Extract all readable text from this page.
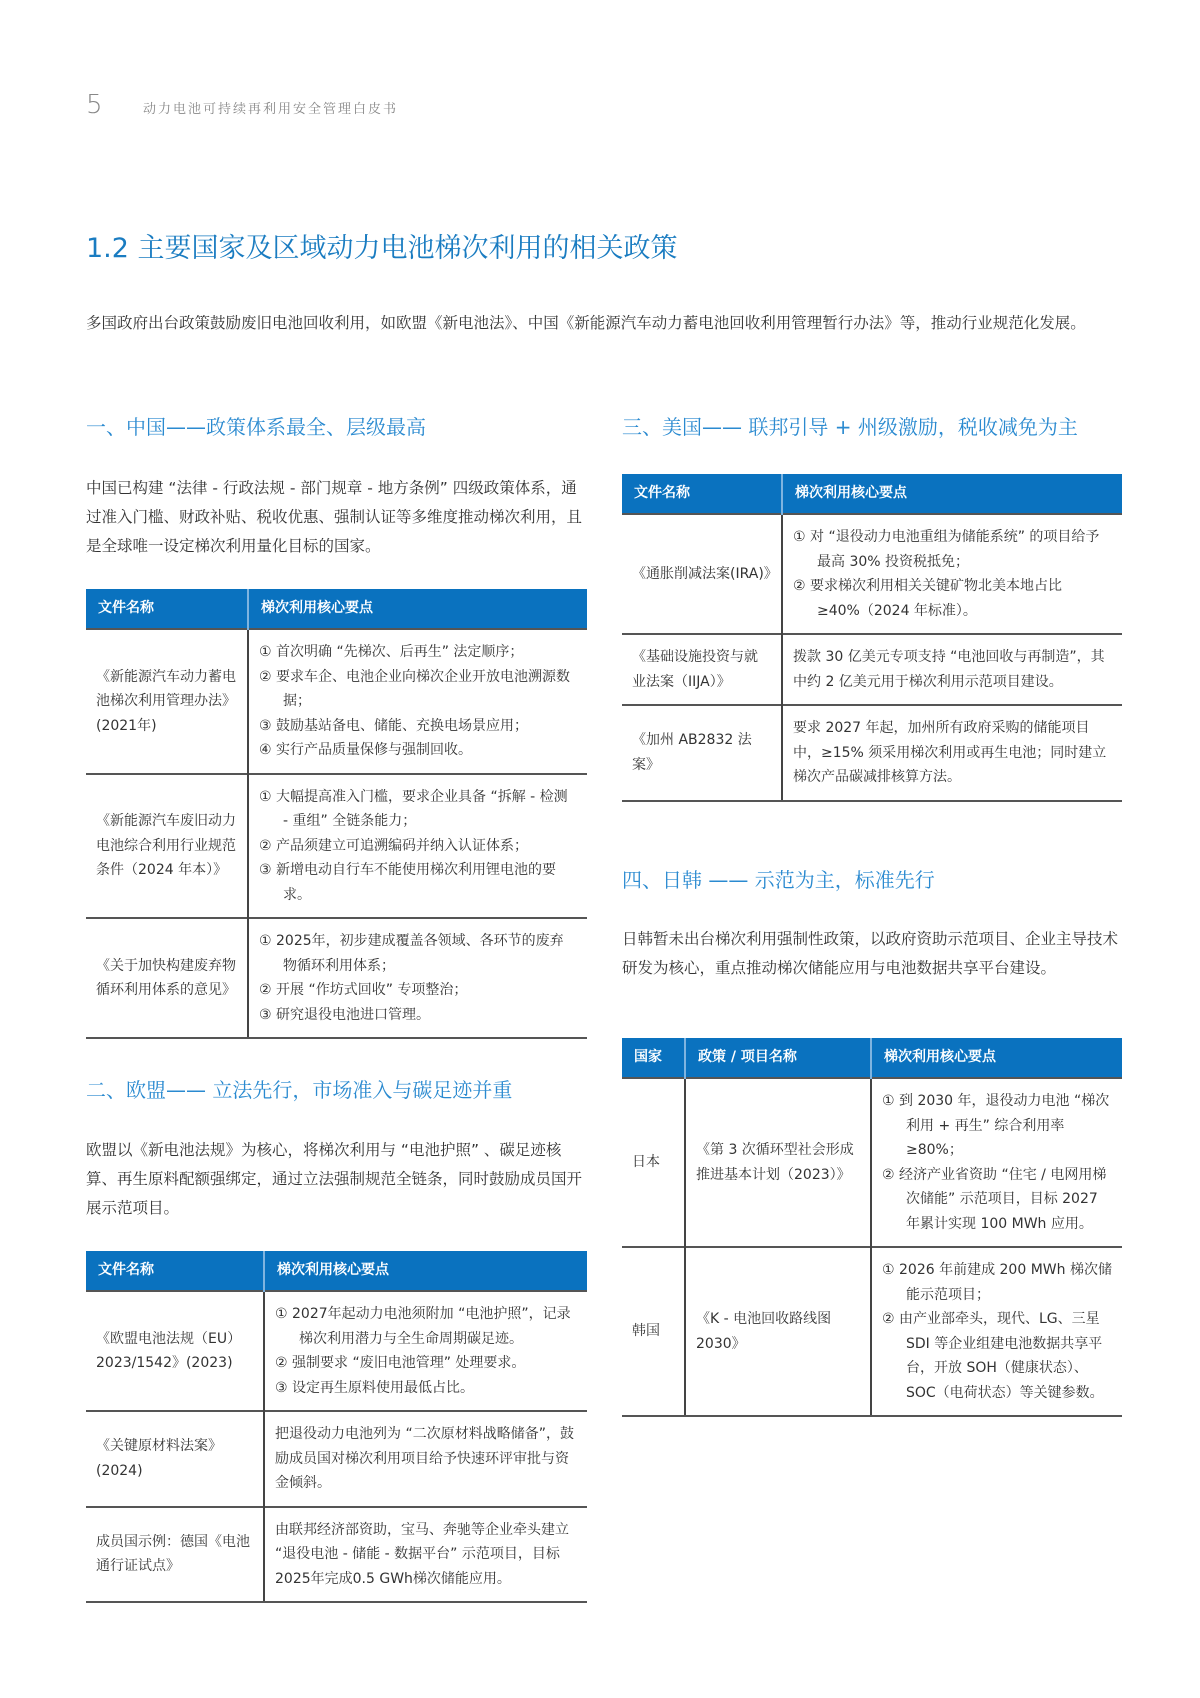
5	动力电池可持续再利用安全管理白皮书
1.2 主要国家及区域动力电池梯次利用的相关政策
多国政府出台政策鼓励废旧电池回收利用，如欧盟《新电池法》、中国《新能源汽车动力蓄电池回收利用管理暂行办法》等，推动行业规范化发展。
一、中国——政策体系最全、层级最高
中国已构建 “法律 - 行政法规 - 部门规章 - 地方条例” 四级政策体系，通过准入门槛、财政补贴、税收优惠、强制认证等多维度推动梯次利用，且是全球唯一设定梯次利用量化目标的国家。
文件名称	梯次利用核心要点
《新能源汽车动力蓄电池梯次利用管理办法》(2021年)	① 首次明确 “先梯次、后再生” 法定顺序；
② 要求车企、电池企业向梯次企业开放电池溯源数据；
③ 鼓励基站备电、储能、充换电场景应用；
④ 实行产品质量保修与强制回收。

《新能源汽车废旧动力电池综合利用行业规范条件（2024 年本）》	① 大幅提高准入门槛，要求企业具备 “拆解 - 检测 - 重组” 全链条能力；
② 产品须建立可追溯编码并纳入认证体系；
③ 新增电动自行车不能使用梯次利用锂电池的要求。

《关于加快构建废弃物循环利用体系的意见》	① 2025年，初步建成覆盖各领域、各环节的废弃物循环利用体系；
② 开展 “作坊式回收” 专项整治；
③ 研究退役电池进口管理。
二、欧盟—— 立法先行，市场准入与碳足迹并重
欧盟以《新电池法规》为核心，将梯次利用与 “电池护照” 、碳足迹核算、再生原料配额强绑定，通过立法强制规范全链条，同时鼓励成员国开展示范项目。
文件名称	梯次利用核心要点
《欧盟电池法规（EU）2023/1542》(2023)	① 2027年起动力电池须附加 “电池护照”，记录梯次利用潜力与全生命周期碳足迹。
② 强制要求 “废旧电池管理” 处理要求。
③ 设定再生原料使用最低占比。

《关键原材料法案》(2024)	把退役动力电池列为 “二次原材料战略储备”，鼓励成员国对梯次利用项目给予快速环评审批与资金倾斜。

成员国示例：德国《电池通行证试点》	由联邦经济部资助，宝马、奔驰等企业牵头建立 “退役电池 - 储能 - 数据平台” 示范项目，目标2025年完成0.5 GWh梯次储能应用。
三、美国—— 联邦引导 + 州级激励，税收减免为主
文件名称	梯次利用核心要点
《通胀削减法案(IRA)》	① 对 “退役动力电池重组为储能系统” 的项目给予最高 30% 投资税抵免；
② 要求梯次利用相关关键矿物北美本地占比≥40%（2024 年标准）。

《基础设施投资与就业法案（IIJA）》	拨款 30 亿美元专项支持 “电池回收与再制造”，其中约 2 亿美元用于梯次利用示范项目建设。

《加州 AB2832 法案》	要求 2027 年起，加州所有政府采购的储能项目中，≥15% 须采用梯次利用或再生电池；同时建立梯次产品碳减排核算方法。
四、日韩 —— 示范为主，标准先行
日韩暂未出台梯次利用强制性政策，以政府资助示范项目、企业主导技术研发为核心，重点推动梯次储能应用与电池数据共享平台建设。
国家	政策 / 项目名称	梯次利用核心要点
日本	《第 3 次循环型社会形成推进基本计划（2023）》	① 到 2030 年，退役动力电池 “梯次利用 + 再生” 综合利用率≥80%；
② 经济产业省资助 “住宅 / 电网用梯次储能” 示范项目，目标 2027 年累计实现 100 MWh 应用。

韩国	《K - 电池回收路线图 2030》	① 2026 年前建成 200 MWh 梯次储能示范项目；
② 由产业部牵头，现代、LG、三星 SDI 等企业组建电池数据共享平台，开放 SOH（健康状态）、SOC（电荷状态）等关键参数。
